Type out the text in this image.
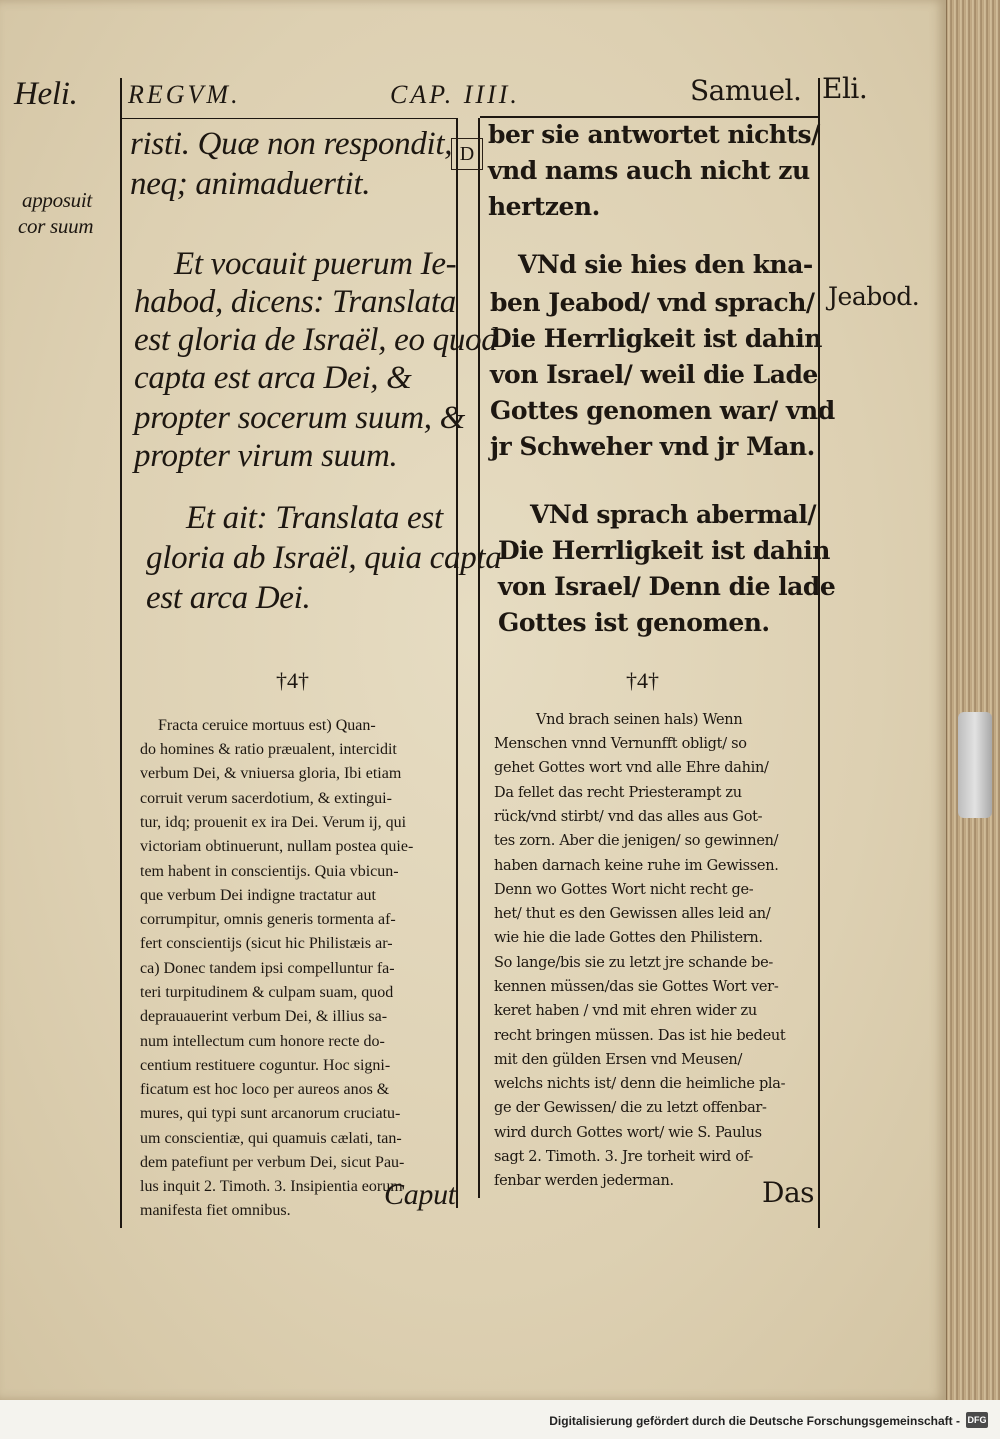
Heli. REGVM.	CAP. IIII.	Samuel. Eli.
apposuit
cor suum
Jeabod.
D
risti. Quæ non respondit,
neq; animaduertit.
Et vocauit puerum Ie-
habod, dicens: Translata
est gloria de Israël, eo quod
capta est arca Dei, &
propter socerum suum, &
propter virum suum.
Et ait: Translata est
gloria ab Israël, quia capta
est arca Dei.
ber sie antwortet nichts/
vnd nams auch nicht zu
hertzen.
VNd sie hies den kna-
ben Jeabod/ vnd sprach/
Die Herrligkeit ist dahin
von Israel/ weil die Lade
Gottes genomen war/ vnd
jr Schweher vnd jr Man.
VNd sprach abermal/
Die Herrligkeit ist dahin
von Israel/ Denn die lade
Gottes ist genomen.
†4†	†4†
Fracta ceruice mortuus est) Quan-
do homines & ratio præualent, intercidit
verbum Dei, & vniuersa gloria, Ibi etiam
corruit verum sacerdotium, & extingui-
tur, idq; prouenit ex ira Dei. Verum ij, qui
victoriam obtinuerunt, nullam postea quie-
tem habent in conscientijs. Quia vbicun-
que verbum Dei indigne tractatur aut
corrumpitur, omnis generis tormenta af-
fert conscientijs (sicut hic Philistæis ar-
ca) Donec tandem ipsi compelluntur fa-
teri turpitudinem & culpam suam, quod
deprauauerint verbum Dei, & illius sa-
num intellectum cum honore recte do-
centium restituere coguntur. Hoc signi-
ficatum est hoc loco per aureos anos &
mures, qui typi sunt arcanorum cruciatu-
um conscientiæ, qui quamuis cælati, tan-
dem patefiunt per verbum Dei, sicut Pau-
lus inquit 2. Timoth. 3. Insipientia eorum
manifesta fiet omnibus.
Vnd brach seinen hals) Wenn
Menschen vnnd Vernunfft obligt/ so
gehet Gottes wort vnd alle Ehre dahin/
Da fellet das recht Priesterampt zu
rück/vnd stirbt/ vnd das alles aus Got-
tes zorn. Aber die jenigen/ so gewinnen/
haben darnach keine ruhe im Gewissen.
Denn wo Gottes Wort nicht recht ge-
het/ thut es den Gewissen alles leid an/
wie hie die lade Gottes den Philistern.
So lange/bis sie zu letzt jre schande be-
kennen müssen/das sie Gottes Wort ver-
keret haben / vnd mit ehren wider zu
recht bringen müssen. Das ist hie bedeut
mit den gülden Ersen vnd Meusen/
welchs nichts ist/ denn die heimliche pla-
ge der Gewissen/ die zu letzt offenbar-
wird durch Gottes wort/ wie S. Paulus
sagt 2. Timoth. 3. Jre torheit wird of-
fenbar werden jederman.
Caput	Das
Digitalisierung gefördert durch die Deutsche Forschungsgemeinschaft - DFG
